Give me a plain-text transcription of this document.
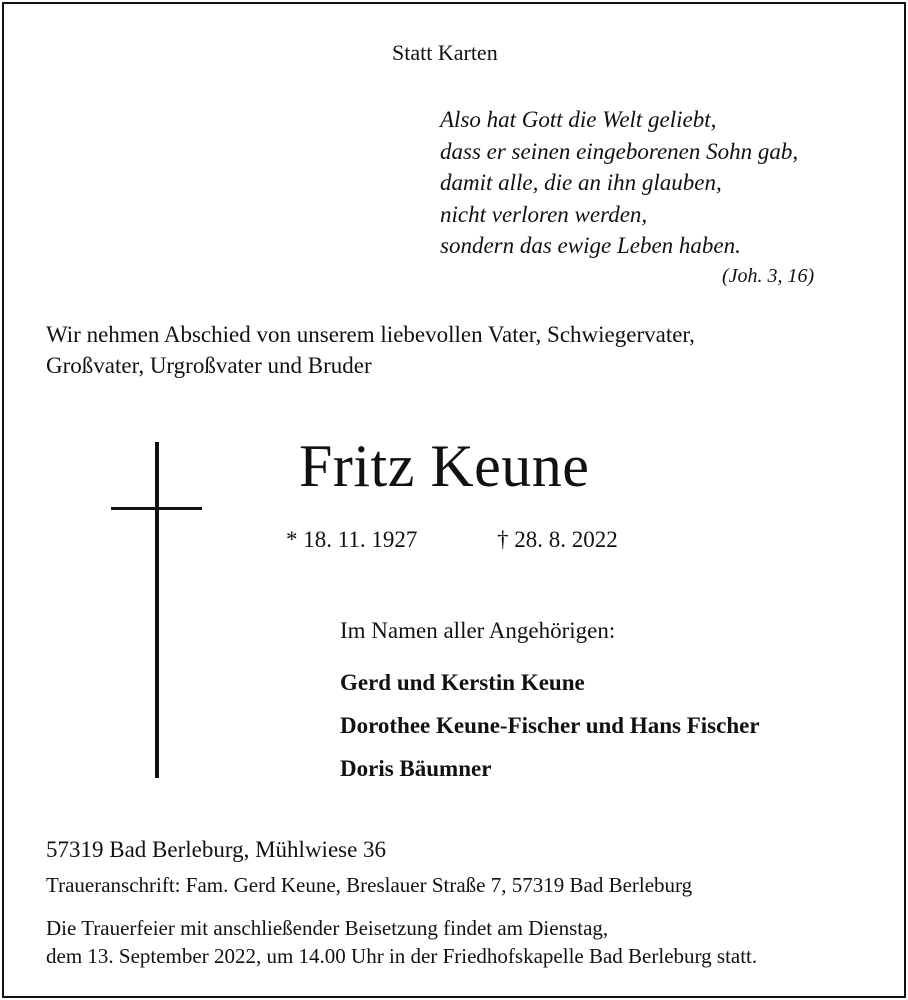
Statt Karten
Also hat Gott die Welt geliebt,
dass er seinen eingeborenen Sohn gab,
damit alle, die an ihn glauben,
nicht verloren werden,
sondern das ewige Leben haben.
(Joh. 3, 16)
Wir nehmen Abschied von unserem liebevollen Vater, Schwiegervater,
Großvater, Urgroßvater und Bruder
Fritz Keune
* 18. 11. 1927	† 28. 8. 2022
Im Namen aller Angehörigen:
Gerd und Kerstin Keune
Dorothee Keune-Fischer und Hans Fischer
Doris Bäumner
57319 Bad Berleburg, Mühlwiese 36
Traueranschrift: Fam. Gerd Keune, Breslauer Straße 7, 57319 Bad Berleburg
Die Trauerfeier mit anschließender Beisetzung findet am Dienstag,
dem 13. September 2022, um 14.00 Uhr in der Friedhofskapelle Bad Berleburg statt.
